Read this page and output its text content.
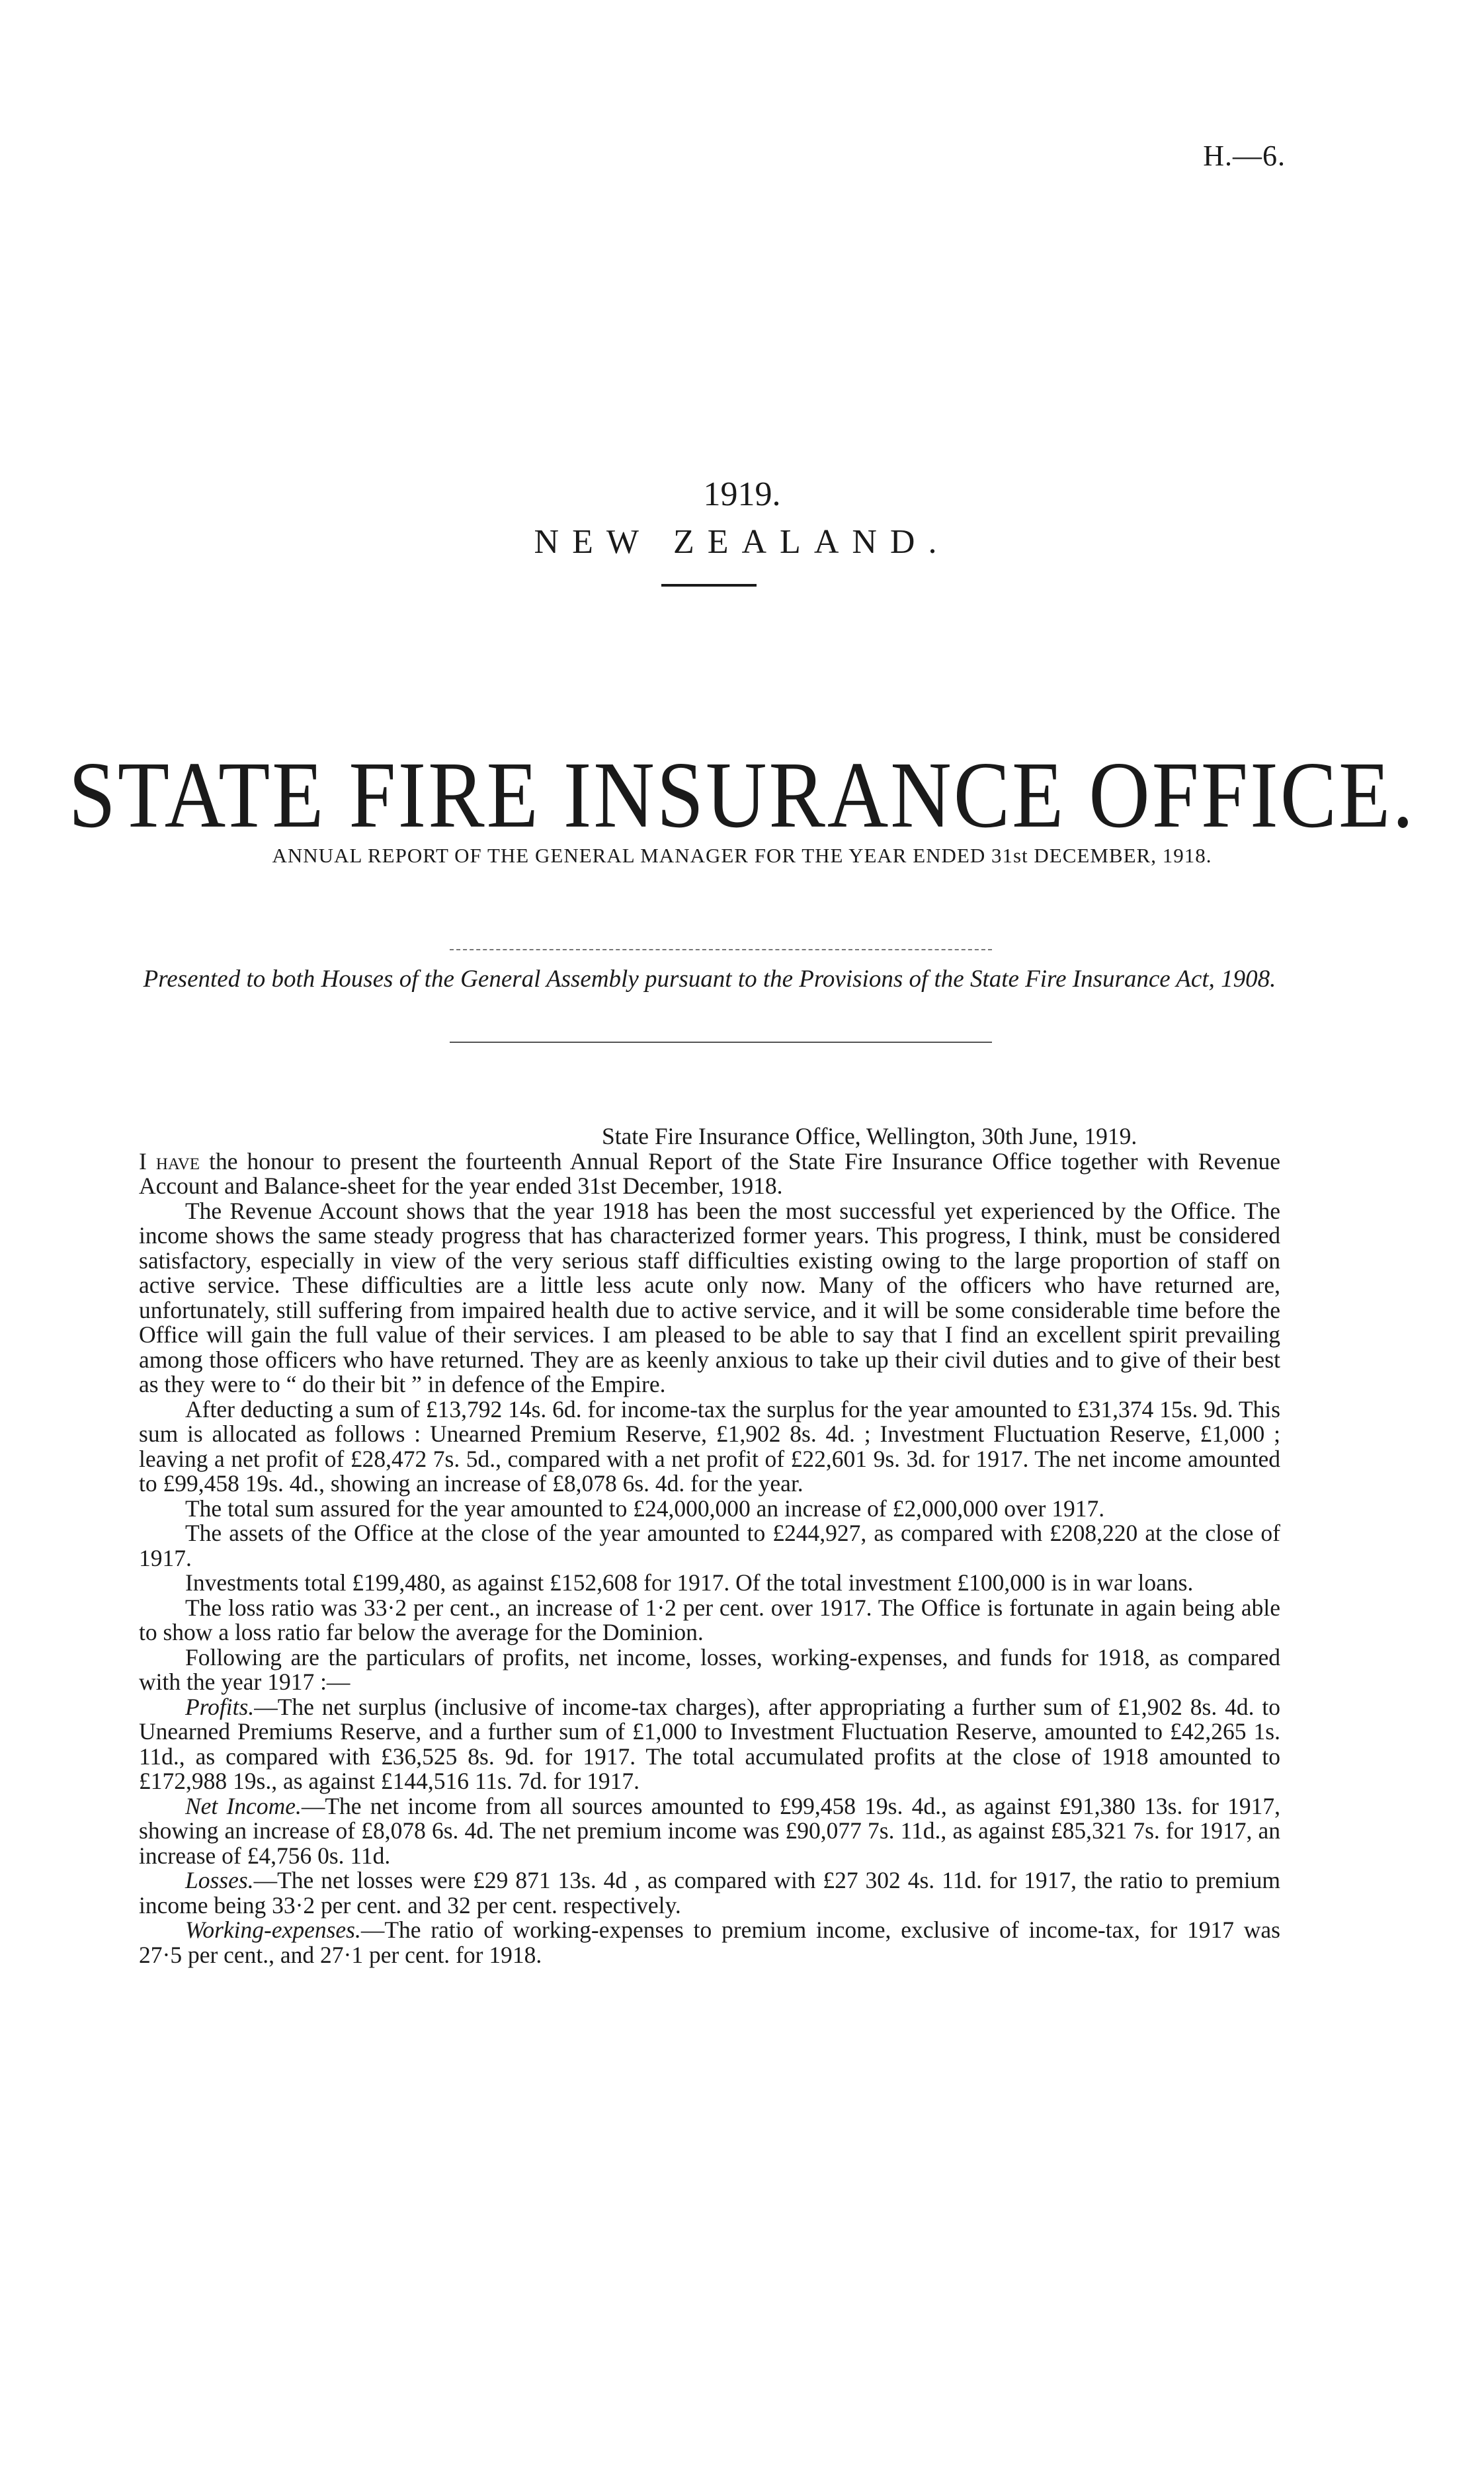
H.—6.
1919.
NEW ZEALAND.
STATE FIRE INSURANCE OFFICE.
ANNUAL REPORT OF THE GENERAL MANAGER FOR THE YEAR ENDED 31st DECEMBER, 1918.
Presented to both Houses of the General Assembly pursuant to the Provisions of the State Fire Insurance Act, 1908.

State Fire Insurance Office, Wellington, 30th June, 1919.

I have the honour to present the fourteenth Annual Report of the State Fire Insurance Office together with Revenue Account and Balance-sheet for the year ended 31st December, 1918.

The Revenue Account shows that the year 1918 has been the most successful yet experienced by the Office. The income shows the same steady progress that has characterized former years. This progress, I think, must be considered satisfactory, especially in view of the very serious staff difficulties existing owing to the large proportion of staff on active service. These difficulties are a little less acute only now. Many of the officers who have returned are, unfortunately, still suffering from impaired health due to active service, and it will be some considerable time before the Office will gain the full value of their services. I am pleased to be able to say that I find an excellent spirit prevailing among those officers who have returned. They are as keenly anxious to take up their civil duties and to give of their best as they were to “ do their bit ” in defence of the Empire.

After deducting a sum of £13,792 14s. 6d. for income-tax the surplus for the year amounted to £31,374 15s. 9d. This sum is allocated as follows : Unearned Premium Reserve, £1,902 8s. 4d. ; Investment Fluctuation Reserve, £1,000 ; leaving a net profit of £28,472 7s. 5d., compared with a net profit of £22,601 9s. 3d. for 1917. The net income amounted to £99,458 19s. 4d., showing an increase of £8,078 6s. 4d. for the year.

The total sum assured for the year amounted to £24,000,000 an increase of £2,000,000 over 1917.

The assets of the Office at the close of the year amounted to £244,927, as compared with £208,220 at the close of 1917.

Investments total £199,480, as against £152,608 for 1917. Of the total investment £100,000 is in war loans.

The loss ratio was 33·2 per cent., an increase of 1·2 per cent. over 1917. The Office is fortunate in again being able to show a loss ratio far below the average for the Dominion.

Following are the particulars of profits, net income, losses, working-expenses, and funds for 1918, as compared with the year 1917 :—

Profits.—The net surplus (inclusive of income-tax charges), after appropriating a further sum of £1,902 8s. 4d. to Unearned Premiums Reserve, and a further sum of £1,000 to Investment Fluctuation Reserve, amounted to £42,265 1s. 11d., as compared with £36,525 8s. 9d. for 1917. The total accumulated profits at the close of 1918 amounted to £172,988 19s., as against £144,516 11s. 7d. for 1917.

Net Income.—The net income from all sources amounted to £99,458 19s. 4d., as against £91,380 13s. for 1917, showing an increase of £8,078 6s. 4d. The net premium income was £90,077 7s. 11d., as against £85,321 7s. for 1917, an increase of £4,756 0s. 11d.

Losses.—The net losses were £29 871 13s. 4d , as compared with £27 302 4s. 11d. for 1917, the ratio to premium income being 33·2 per cent. and 32 per cent. respectively.

Working-expenses.—The ratio of working-expenses to premium income, exclusive of income-tax, for 1917 was 27·5 per cent., and 27·1 per cent. for 1918.
